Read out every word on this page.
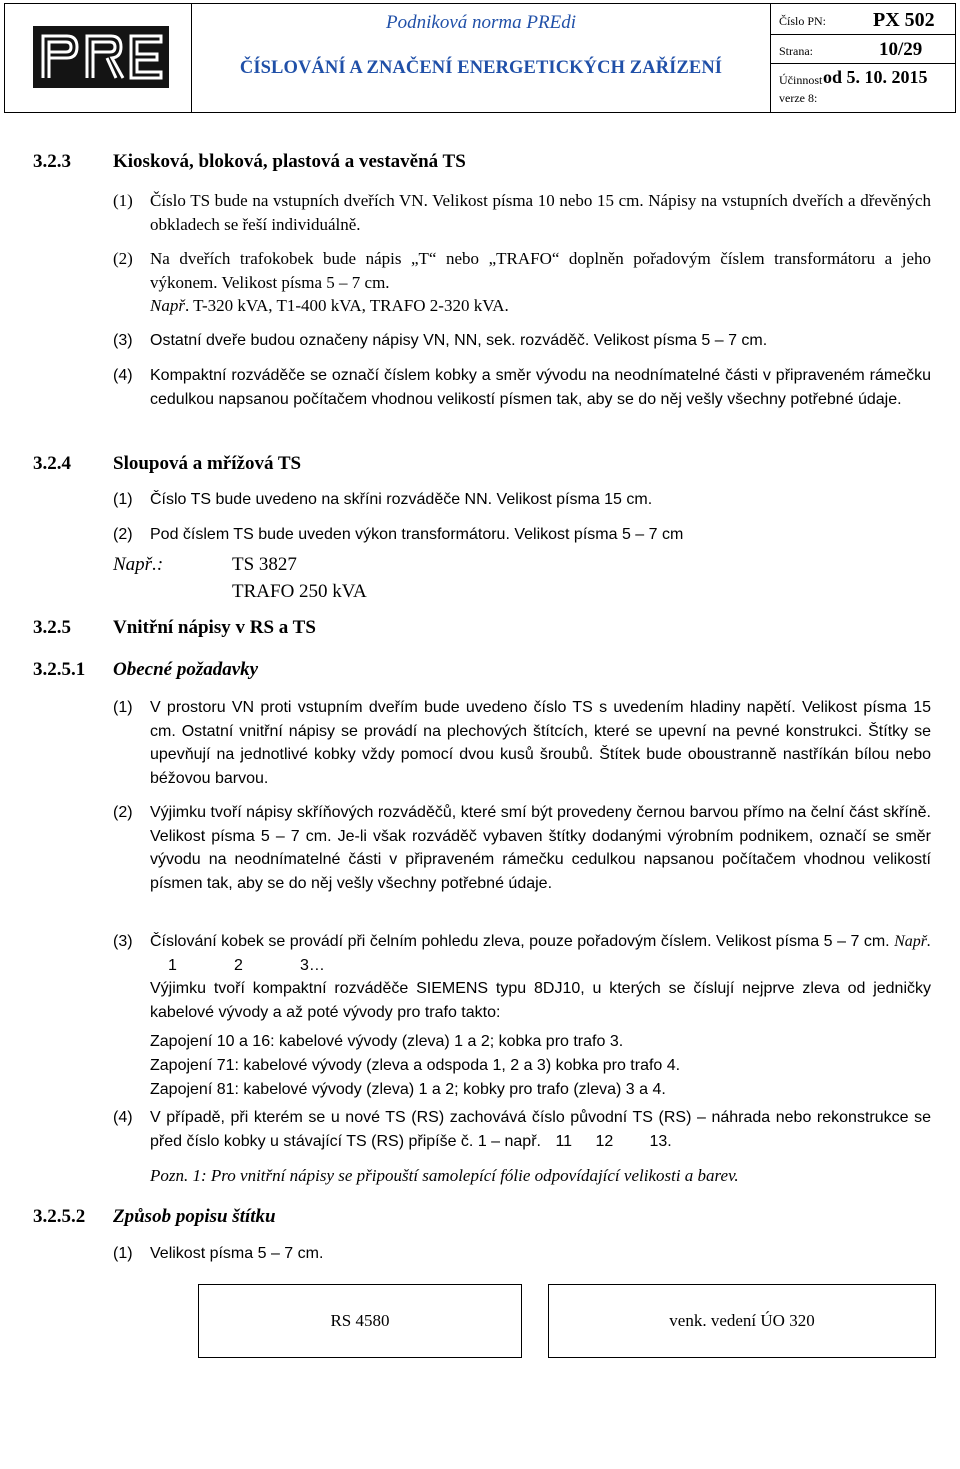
Podniková norma PREdi
ČÍSLOVÁNÍ A ZNAČENÍ ENERGETICKÝCH ZAŘÍZENÍ
Číslo PN: PX 502
Strana:	10/29
Účinnost od 5. 10. 2015
verze 8:
3.2.3 Kiosková, bloková, plastová a vestavěná TS
(1) Číslo TS bude na vstupních dveřích VN. Velikost písma 10 nebo 15 cm. Nápisy na vstupních dveřích a dřevěných obkladech se řeší individuálně.
(2) Na dveřích trafokobek bude nápis „T“ nebo „TRAFO“ doplněn pořadovým číslem transformátoru a jeho výkonem. Velikost písma 5 – 7 cm.
Např. T-320 kVA, T1-400 kVA, TRAFO 2-320 kVA.
(3) Ostatní dveře budou označeny nápisy VN, NN, sek. rozváděč. Velikost písma 5 – 7 cm.
(4) Kompaktní rozváděče se označí číslem kobky a směr vývodu na neodnímatelné části v připraveném rámečku cedulkou napsanou počítačem vhodnou velikostí písmen tak, aby se do něj vešly všechny potřebné údaje.
3.2.4 Sloupová a mřížová TS
(1) Číslo TS bude uvedeno na skříni rozváděče NN. Velikost písma 15 cm.
(2) Pod číslem TS bude uveden výkon transformátoru. Velikost písma 5 – 7 cm
Např.:	TS 3827
TRAFO 250 kVA
3.2.5 Vnitřní nápisy v RS a TS
3.2.5.1 Obecné požadavky
(1) V prostoru VN proti vstupním dveřím bude uvedeno číslo TS s uvedením hladiny napětí. Velikost písma 15 cm. Ostatní vnitřní nápisy se provádí na plechových štítcích, které se upevní na pevné konstrukci. Štítky se upevňují na jednotlivé kobky vždy pomocí dvou kusů šroubů. Štítek bude oboustranně nastříkán bílou nebo béžovou barvou.
(2) Výjimku tvoří nápisy skříňových rozváděčů, které smí být provedeny černou barvou přímo na čelní část skříně. Velikost písma 5 – 7 cm. Je-li však rozváděč vybaven štítky dodanými výrobním podnikem, označí se směr vývodu na neodnímatelné části v připraveném rámečku cedulkou napsanou počítačem vhodnou velikostí písmen tak, aby se do něj vešly všechny potřebné údaje.
(3) Číslování kobek se provádí při čelním pohledu zleva, pouze pořadovým číslem. Velikost písma 5 – 7 cm. Např. 1	2	3…
Výjimku tvoří kompaktní rozváděče SIEMENS typu 8DJ10, u kterých se číslují nejprve zleva od jedničky kabelové vývody a až poté vývody pro trafo takto:
Zapojení 10 a 16: kabelové vývody (zleva) 1 a 2; kobka pro trafo 3.
Zapojení 71: kabelové vývody (zleva a odspoda 1, 2 a 3) kobka pro trafo 4.
Zapojení 81: kabelové vývody (zleva) 1 a 2; kobky pro trafo (zleva) 3 a 4.
(4) V případě, při kterém se u nové TS (RS) zachovává číslo původní TS (RS) – náhrada nebo rekonstrukce se před číslo kobky u stávající TS (RS) připíše č. 1 – např. 11 12 13.
Pozn. 1: Pro vnitřní nápisy se připouští samolepící fólie odpovídající velikosti a barev.
3.2.5.2 Způsob popisu štítku
(1) Velikost písma 5 – 7 cm.
RS 4580	venk. vedení ÚO 320
